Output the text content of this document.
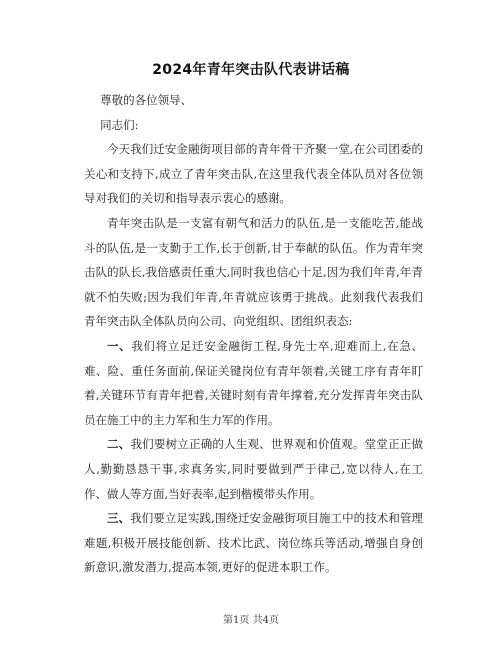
2024年青年突击队代表讲话稿

尊敬的各位领导、

同志们:

今天我们迁安金融街项目部的青年骨干齐聚一堂,在公司团委的关心和支持下,成立了青年突击队,在这里我代表全体队员对各位领导对我们的关切和指导表示衷心的感谢。

青年突击队是一支富有朝气和活力的队伍,是一支能吃苦,能战斗的队伍,是一支勤于工作,长于创新,甘于奉献的队伍。作为青年突击队的队长,我倍感责任重大,同时我也信心十足,因为我们年青,年青就不怕失败;因为我们年青,年青就应该勇于挑战。此刻我代表我们青年突击队全体队员向公司、向党组织、团组织表态:

一、我们将立足迁安金融街工程,身先士卒,迎难而上,在急、难、险、重任务面前,保证关键岗位有青年领着,关键工序有青年盯着,关键环节有青年把着,关键时刻有青年撑着,充分发挥青年突击队员在施工中的主力军和生力军的作用。

二、我们要树立正确的人生观、世界观和价值观。堂堂正正做人,勤勤恳恳干事,求真务实,同时要做到严于律己,宽以待人,在工作、做人等方面,当好表率,起到楷模带头作用。

三、我们要立足实践,围绕迁安金融街项目施工中的技术和管理难题,积极开展技能创新、技术比武、岗位练兵等活动,增强自身创新意识,激发潜力,提高本领,更好的促进本职工作。

第1页 共4页
